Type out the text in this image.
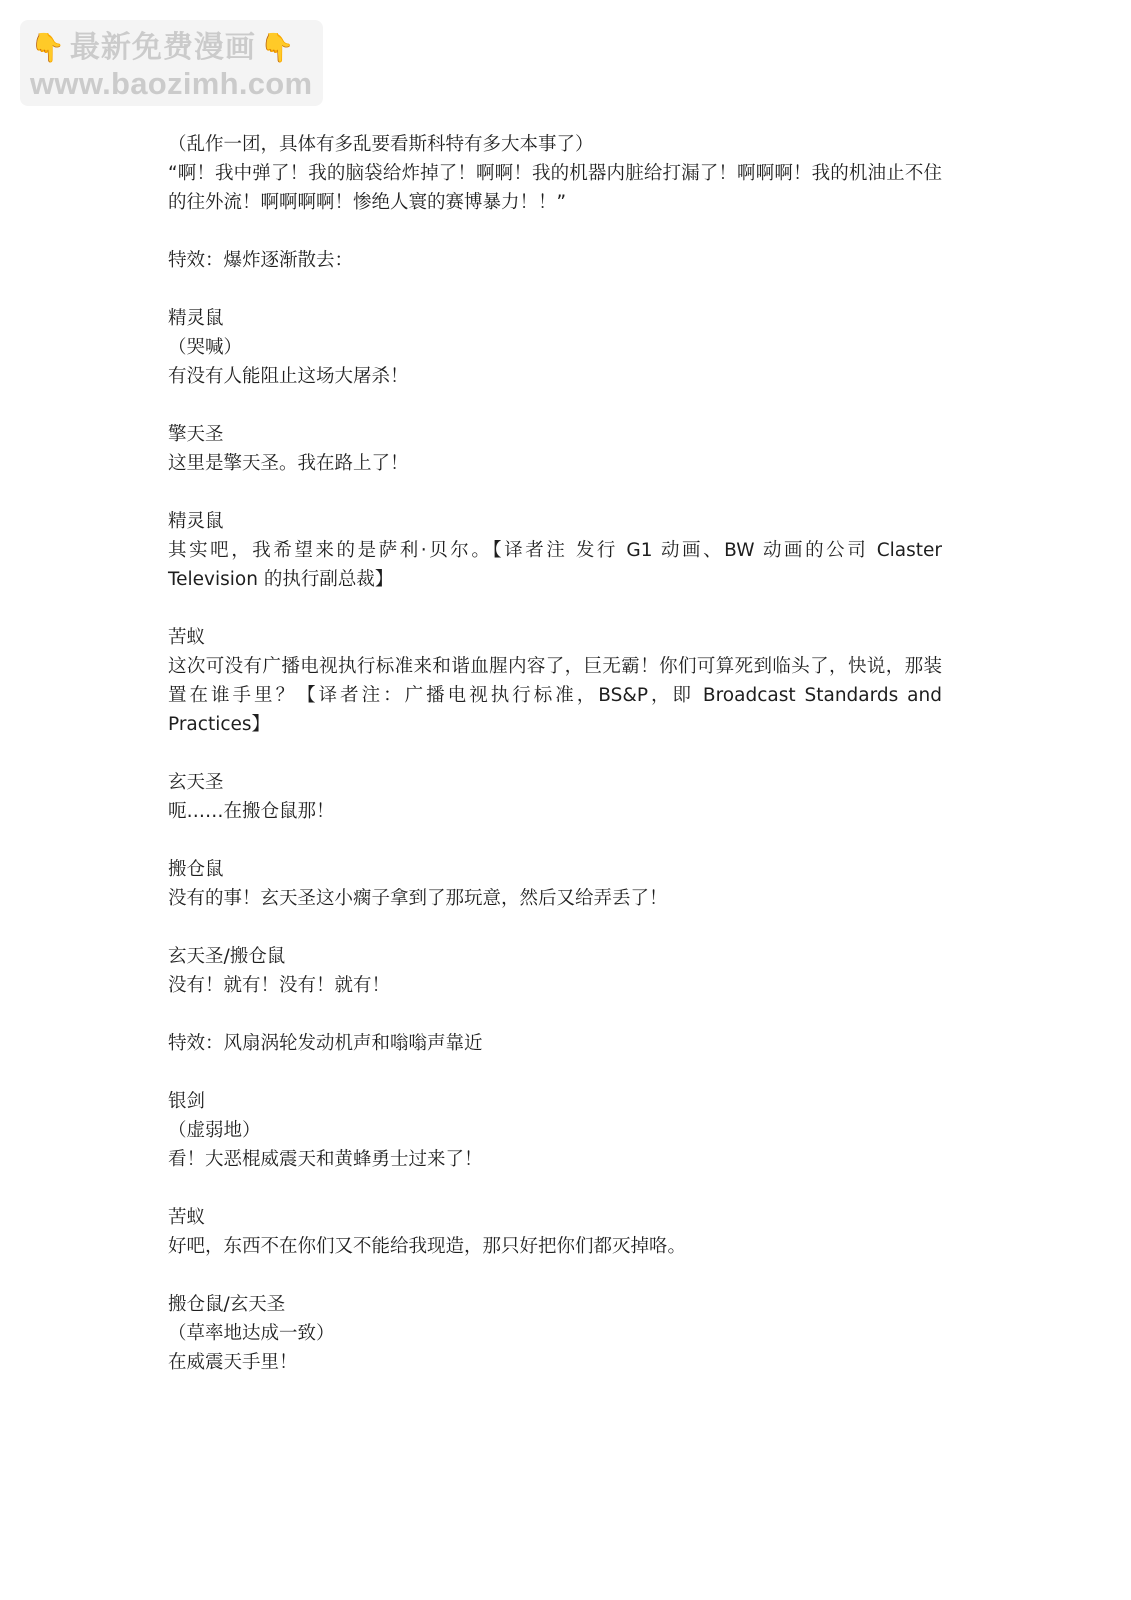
👇 最新免费漫画 👇
www.baozimh.com

（乱作一团，具体有多乱要看斯科特有多大本事了）

“啊！我中弹了！我的脑袋给炸掉了！啊啊！我的机器内脏给打漏了！啊啊啊！我的机油止不住的往外流！啊啊啊啊！惨绝人寰的赛博暴力！！”

特效：爆炸逐渐散去：

精灵鼠

（哭喊）

有没有人能阻止这场大屠杀！

擎天圣

这里是擎天圣。我在路上了！

精灵鼠

其实吧，我希望来的是萨利·贝尔。【译者注 发行 G1 动画、BW 动画的公司 Claster Television 的执行副总裁】

苦蚁

这次可没有广播电视执行标准来和谐血腥内容了，巨无霸！你们可算死到临头了，快说，那装置在谁手里？【译者注：广播电视执行标准，BS&P，即 Broadcast Standards and Practices】

玄天圣

呃……在搬仓鼠那！

搬仓鼠

没有的事！玄天圣这小瘸子拿到了那玩意，然后又给弄丢了！

玄天圣/搬仓鼠

没有！就有！没有！就有！

特效：风扇涡轮发动机声和嗡嗡声靠近

银剑

（虚弱地）

看！大恶棍威震天和黄蜂勇士过来了！

苦蚁

好吧，东西不在你们又不能给我现造，那只好把你们都灭掉咯。

搬仓鼠/玄天圣

（草率地达成一致）

在威震天手里！
